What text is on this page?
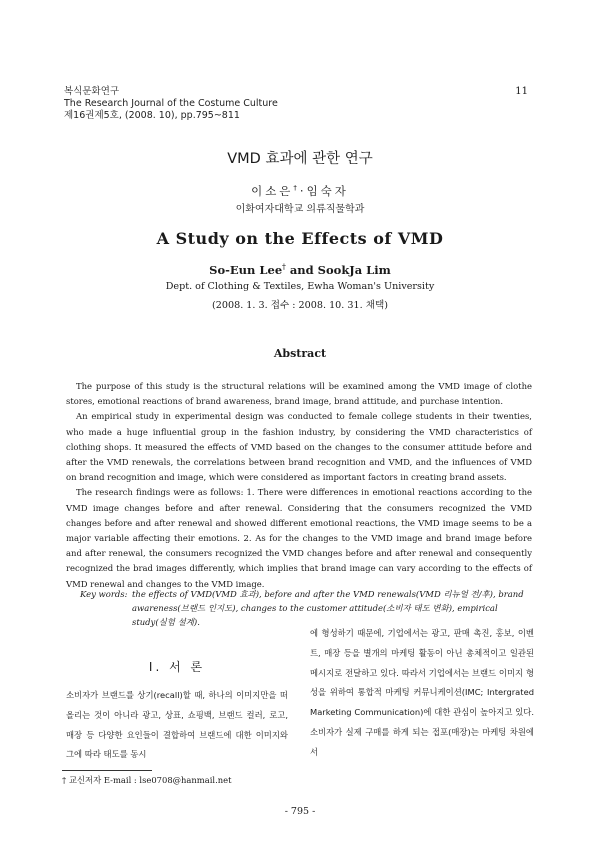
복식문화연구
The Research Journal of the Costume Culture
제16권제5호, (2008. 10), pp.795~811
11
VMD 효과에 관한 연구
이소은†·임숙자
이화여자대학교 의류직물학과
A Study on the Effects of VMD
So-Eun Lee† and SookJa Lim
Dept. of Clothing & Textiles, Ewha Woman's University
(2008. 1. 3. 접수 : 2008. 10. 31. 채택)
Abstract

The purpose of this study is the structural relations will be examined among the VMD image of clothe stores, emotional reactions of brand awareness, brand image, brand attitude, and purchase intention.

An empirical study in experimental design was conducted to female college students in their twenties, who made a huge influential group in the fashion industry, by considering the VMD characteristics of clothing shops. It measured the effects of VMD based on the changes to the consumer attitude before and after the VMD renewals, the correlations between brand recognition and VMD, and the influences of VMD on brand recognition and image, which were considered as important factors in creating brand assets.

The research findings were as follows: 1. There were differences in emotional reactions according to the VMD image changes before and after renewal. Considering that the consumers recognized the VMD changes before and after renewal and showed different emotional reactions, the VMD image seems to be a major variable affecting their emotions. 2. As for the changes to the VMD image and brand image before and after renewal, the consumers recognized the VMD changes before and after renewal and consequently recognized the brad images differently, which implies that brand image can vary according to the effects of VMD renewal and changes to the VMD image.

Key words: the effects of VMD(VMD 효과), before and after the VMD renewals(VMD 리뉴얼 전/후), brand awareness(브랜드 인지도), changes to the customer attitude(소비자 태도 변화), empirical study(실험 설계).
Ⅰ. 서 론

소비자가 브랜드를 상기(recall)할 때, 하나의 이미지만을 떠 올리는 것이 아니라 광고, 상표, 쇼핑백, 브랜드 컬러, 로고, 매장 등 다양한 요인들이 결합하여 브랜드에 대한 이미지와 그에 따라 태도를 동시

에 형성하기 때문에, 기업에서는 광고, 판매 촉진, 홍보, 이벤트, 매장 등을 별개의 마케팅 활동이 아닌 총체적이고 일관된 메시지로 전달하고 있다. 따라서 기업에서는 브랜드 이미지 형성을 위하여 통합적 마케팅 커뮤니케이션(IMC; Intergrated Marketing Communication)에 대한 관심이 높아지고 있다. 소비자가 실제 구매를 하게 되는 접포(매장)는 마케팅 차원에서

† 교신저자 E-mail : lse0708@hanmail.net
- 795 -
